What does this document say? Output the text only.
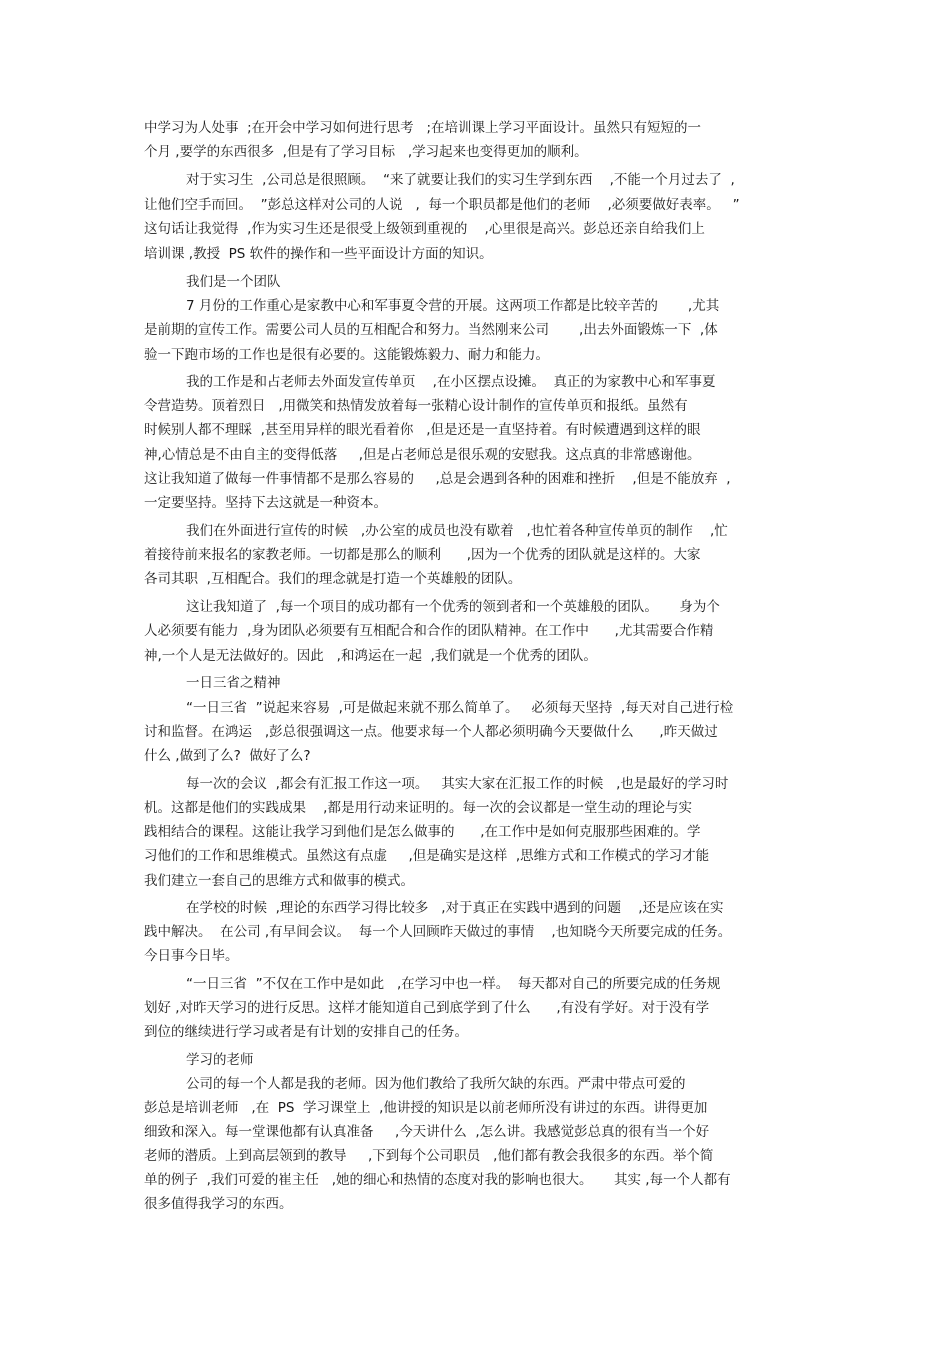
中学习为人处事  ;在开会中学习如何进行思考   ;在培训课上学习平面设计。虽然只有短短的一
个月 ,要学的东西很多  ,但是有了学习目标   ,学习起来也变得更加的顺利。
对于实习生  ,公司总是很照顾。  “来了就要让我们的实习生学到东西    ,不能一个月过去了  ,
让他们空手而回。  ”彭总这样对公司的人说   ,  每一个职员都是他们的老师    ,必须要做好表率。   ”
这句话让我觉得  ,作为实习生还是很受上级领到重视的    ,心里很是高兴。彭总还亲自给我们上
培训课 ,教授  PS 软件的操作和一些平面设计方面的知识。
我们是一个团队
7 月份的工作重心是家教中心和军事夏令营的开展。这两项工作都是比较辛苦的       ,尤其
是前期的宣传工作。需要公司人员的互相配合和努力。当然刚来公司       ,出去外面锻炼一下  ,体
验一下跑市场的工作也是很有必要的。这能锻炼毅力、耐力和能力。
我的工作是和占老师去外面发宣传单页    ,在小区摆点设摊。  真正的为家教中心和军事夏
令营造势。顶着烈日   ,用微笑和热情发放着每一张精心设计制作的宣传单页和报纸。虽然有
时候别人都不理睬  ,甚至用异样的眼光看着你   ,但是还是一直坚持着。有时候遭遇到这样的眼
神,心情总是不由自主的变得低落     ,但是占老师总是很乐观的安慰我。这点真的非常感谢他。
这让我知道了做每一件事情都不是那么容易的     ,总是会遇到各种的困难和挫折    ,但是不能放弃  ,
一定要坚持。坚持下去这就是一种资本。
我们在外面进行宣传的时候   ,办公室的成员也没有歇着   ,也忙着各种宣传单页的制作    ,忙
着接待前来报名的家教老师。一切都是那么的顺利      ,因为一个优秀的团队就是这样的。大家
各司其职  ,互相配合。我们的理念就是打造一个英雄般的团队。
这让我知道了  ,每一个项目的成功都有一个优秀的领到者和一个英雄般的团队。     身为个
人必须要有能力  ,身为团队必须要有互相配合和合作的团队精神。在工作中      ,尤其需要合作精
神,一个人是无法做好的。因此   ,和鸿运在一起  ,我们就是一个优秀的团队。
一日三省之精神
“一日三省  ”说起来容易  ,可是做起来就不那么简单了。   必须每天坚持  ,每天对自己进行检
讨和监督。在鸿运   ,彭总很强调这一点。他要求每一个人都必须明确今天要做什么      ,昨天做过
什么 ,做到了么?  做好了么?
每一次的会议  ,都会有汇报工作这一项。   其实大家在汇报工作的时候   ,也是最好的学习时
机。这都是他们的实践成果    ,都是用行动来证明的。每一次的会议都是一堂生动的理论与实
践相结合的课程。这能让我学习到他们是怎么做事的      ,在工作中是如何克服那些困难的。学
习他们的工作和思维模式。虽然这有点虚     ,但是确实是这样  ,思维方式和工作模式的学习才能
我们建立一套自己的思维方式和做事的模式。
在学校的时候  ,理论的东西学习得比较多   ,对于真正在实践中遇到的问题    ,还是应该在实
践中解决。  在公司 ,有早间会议。  每一个人回顾昨天做过的事情    ,也知晓今天所要完成的任务。
今日事今日毕。
“一日三省  ”不仅在工作中是如此   ,在学习中也一样。  每天都对自己的所要完成的任务规
划好 ,对昨天学习的进行反思。这样才能知道自己到底学到了什么      ,有没有学好。对于没有学
到位的继续进行学习或者是有计划的安排自己的任务。
学习的老师
公司的每一个人都是我的老师。因为他们教给了我所欠缺的东西。严肃中带点可爱的
彭总是培训老师   ,在  PS  学习课堂上  ,他讲授的知识是以前老师所没有讲过的东西。讲得更加
细致和深入。每一堂课他都有认真准备     ,今天讲什么  ,怎么讲。我感觉彭总真的很有当一个好
老师的潜质。上到高层领到的教导     ,下到每个公司职员   ,他们都有教会我很多的东西。举个简
单的例子  ,我们可爱的崔主任   ,她的细心和热情的态度对我的影响也很大。     其实 ,每一个人都有
很多值得我学习的东西。
